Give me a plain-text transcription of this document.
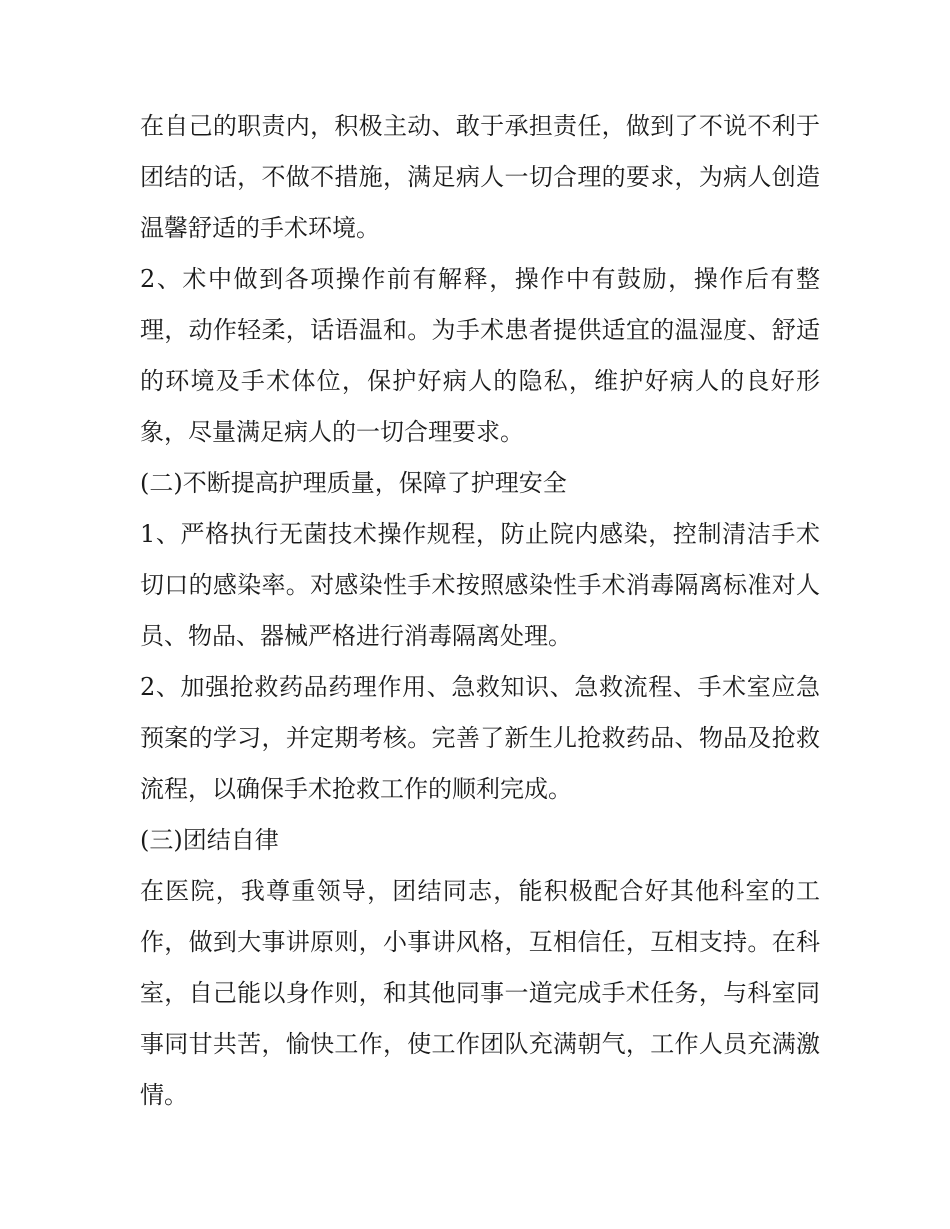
在自己的职责内，积极主动、敢于承担责任，做到了不说不利于团结的话，不做不措施，满足病人一切合理的要求，为病人创造温馨舒适的手术环境。

2、术中做到各项操作前有解释，操作中有鼓励，操作后有整理，动作轻柔，话语温和。为手术患者提供适宜的温湿度、舒适的环境及手术体位，保护好病人的隐私，维护好病人的良好形象，尽量满足病人的一切合理要求。

(二)不断提高护理质量，保障了护理安全

1、严格执行无菌技术操作规程，防止院内感染，控制清洁手术切口的感染率。对感染性手术按照感染性手术消毒隔离标准对人员、物品、器械严格进行消毒隔离处理。

2、加强抢救药品药理作用、急救知识、急救流程、手术室应急预案的学习，并定期考核。完善了新生儿抢救药品、物品及抢救流程，以确保手术抢救工作的顺利完成。

(三)团结自律

在医院，我尊重领导，团结同志，能积极配合好其他科室的工作，做到大事讲原则，小事讲风格，互相信任，互相支持。在科室，自己能以身作则，和其他同事一道完成手术任务，与科室同事同甘共苦，愉快工作，使工作团队充满朝气，工作人员充满激情。
